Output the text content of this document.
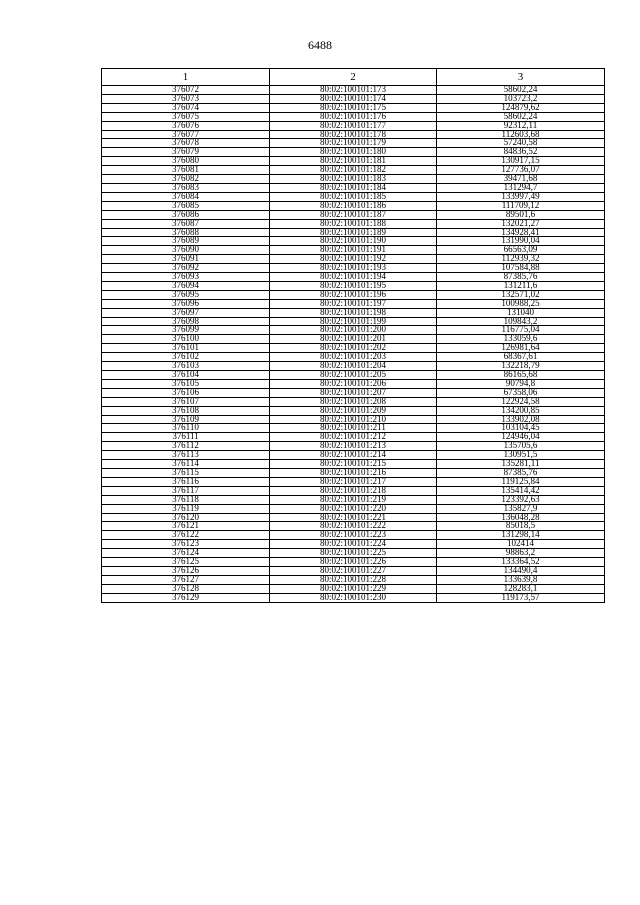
6488
1	2	3
376072	80:02:100101:173	58602,24
376073	80:02:100101:174	103723,2
376074	80:02:100101:175	124879,62
376075	80:02:100101:176	58602,24
376076	80:02:100101:177	92312,11
376077	80:02:100101:178	112603,68
376078	80:02:100101:179	57240,58
376079	80:02:100101:180	84836,52
376080	80:02:100101:181	130917,15
376081	80:02:100101:182	127736,07
376082	80:02:100101:183	39471,68
376083	80:02:100101:184	131294,7
376084	80:02:100101:185	133997,49
376085	80:02:100101:186	111709,12
376086	80:02:100101:187	89501,6
376087	80:02:100101:188	132021,27
376088	80:02:100101:189	134928,41
376089	80:02:100101:190	131990,04
376090	80:02:100101:191	66563,09
376091	80:02:100101:192	112939,32
376092	80:02:100101:193	107584,88
376093	80:02:100101:194	87385,76
376094	80:02:100101:195	131211,6
376095	80:02:100101:196	132571,02
376096	80:02:100101:197	100988,25
376097	80:02:100101:198	131040
376098	80:02:100101:199	109843,2
376099	80:02:100101:200	116775,04
376100	80:02:100101:201	133059,6
376101	80:02:100101:202	126981,64
376102	80:02:100101:203	68367,61
376103	80:02:100101:204	132218,79
376104	80:02:100101:205	86165,68
376105	80:02:100101:206	90794,8
376106	80:02:100101:207	67358,06
376107	80:02:100101:208	122924,58
376108	80:02:100101:209	134200,85
376109	80:02:100101:210	133902,08
376110	80:02:100101:211	103104,45
376111	80:02:100101:212	124946,04
376112	80:02:100101:213	135705,6
376113	80:02:100101:214	130951,5
376114	80:02:100101:215	135281,11
376115	80:02:100101:216	87385,76
376116	80:02:100101:217	119125,84
376117	80:02:100101:218	135414,42
376118	80:02:100101:219	123392,63
376119	80:02:100101:220	135827,9
376120	80:02:100101:221	136048,28
376121	80:02:100101:222	85018,5
376122	80:02:100101:223	131298,14
376123	80:02:100101:224	102414
376124	80:02:100101:225	98863,2
376125	80:02:100101:226	133364,52
376126	80:02:100101:227	134490,4
376127	80:02:100101:228	133639,8
376128	80:02:100101:229	128283,1
376129	80:02:100101:230	119173,57
